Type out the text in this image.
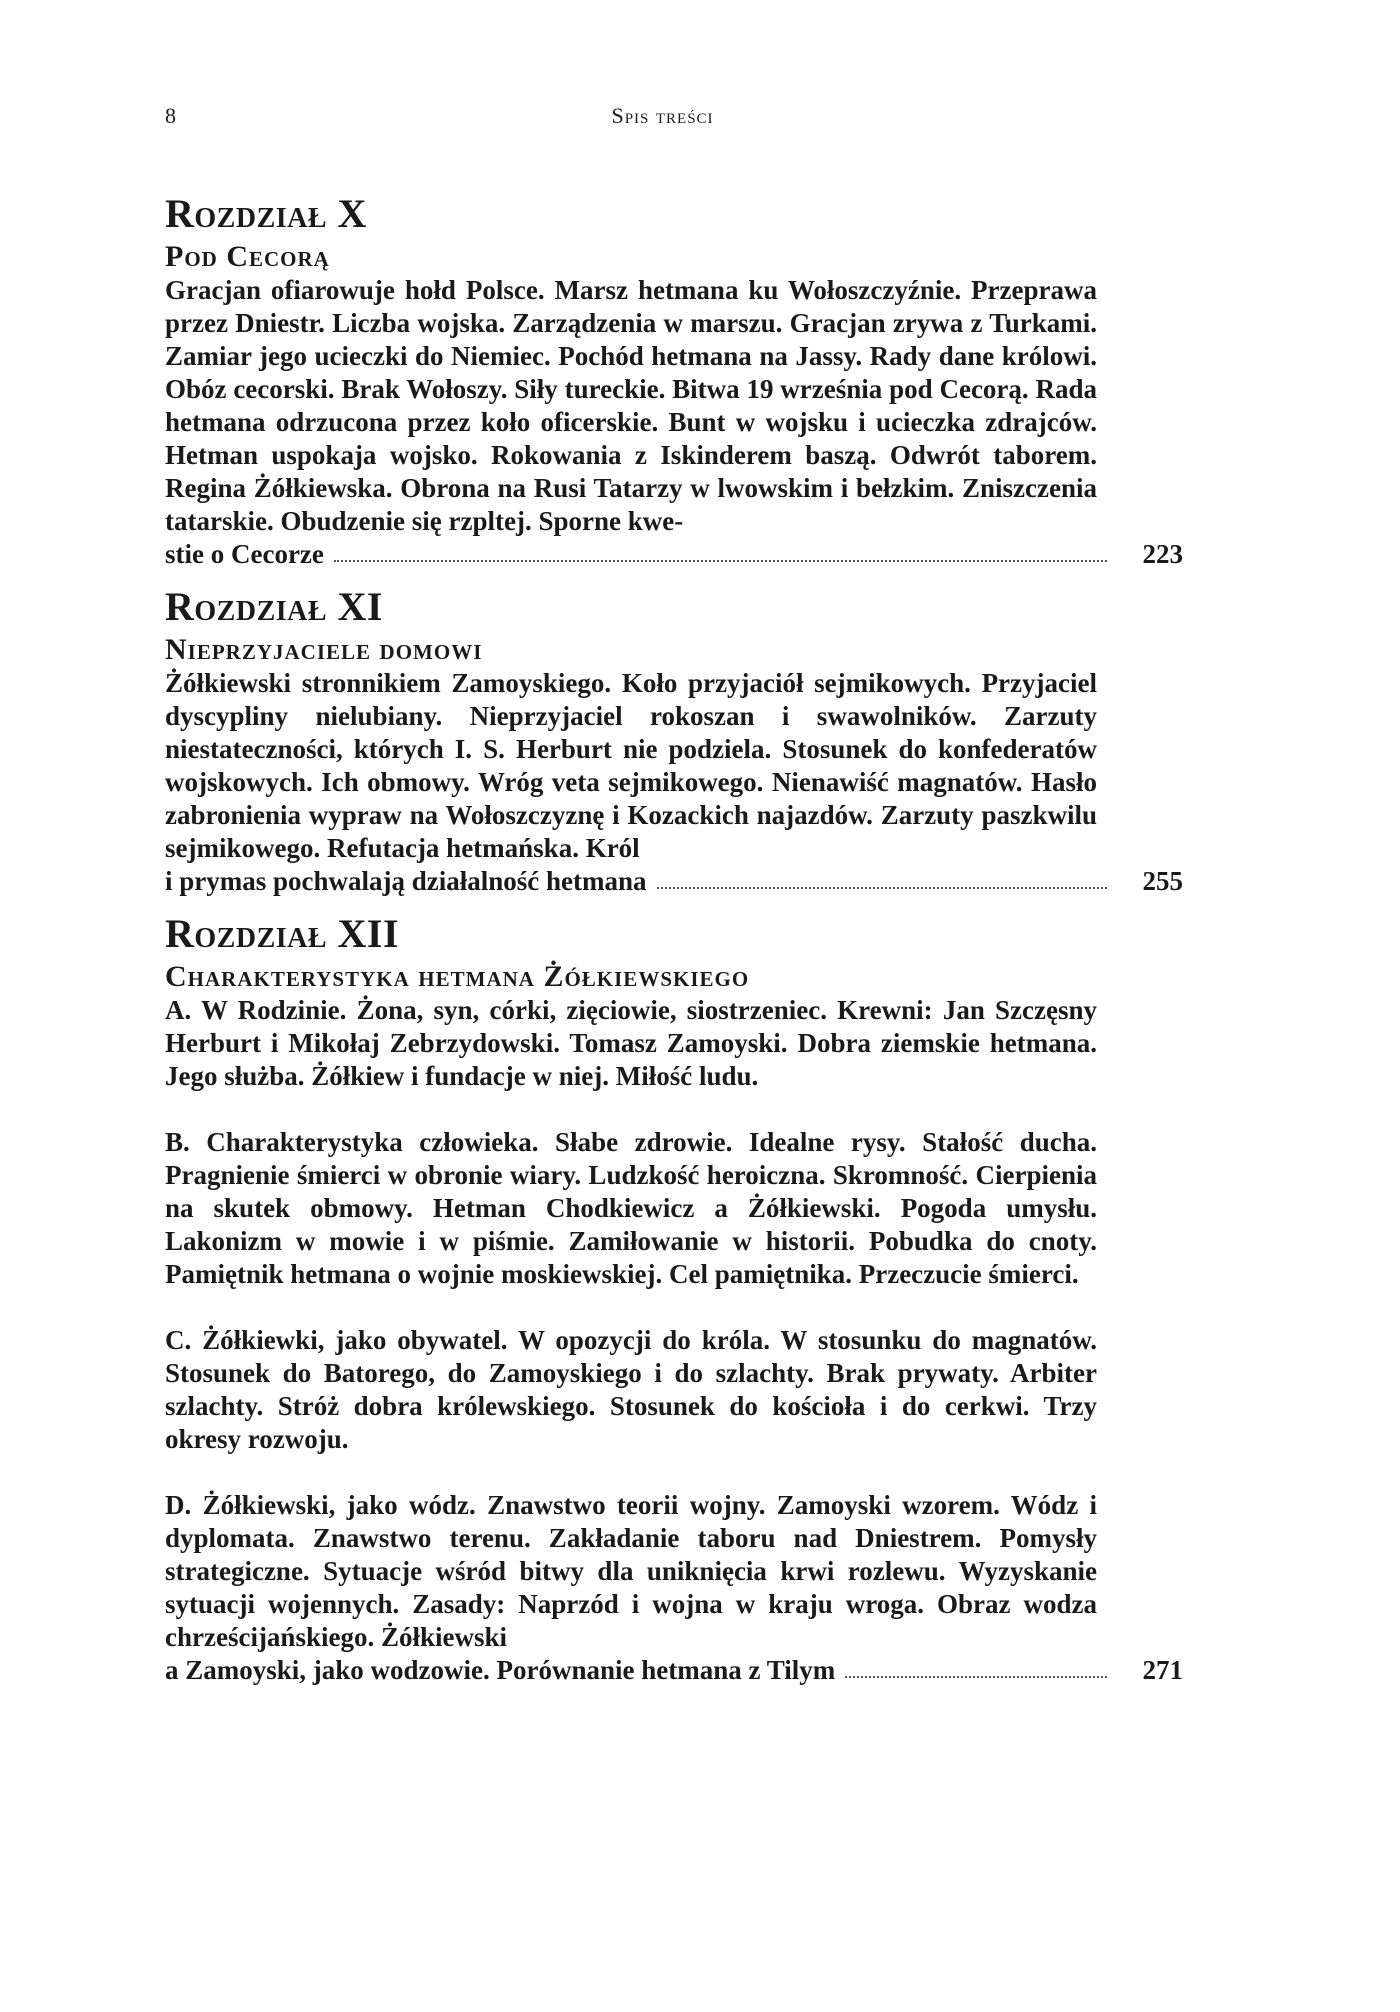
8	Spis treści
Rozdział X
Pod Cecorą

Gracjan ofiarowuje hołd Polsce. Marsz hetmana ku Wołoszczyźnie. Przeprawa przez Dniestr. Liczba wojska. Zarządzenia w marszu. Gracjan zrywa z Turkami. Zamiar jego ucieczki do Niemiec. Pochód hetmana na Jassy. Rady dane królowi. Obóz cecorski. Brak Wołoszy. Siły tureckie. Bitwa 19 września pod Cecorą. Rada hetmana odrzucona przez koło oficerskie. Bunt w wojsku i ucieczka zdrajców. Hetman uspokaja wojsko. Rokowania z Iskinderem baszą. Odwrót taborem. Regina Żółkiewska. Obrona na Rusi Tatarzy w lwowskim i bełzkim. Zniszczenia tatarskie. Obudzenie się rzpltej. Sporne kwe-

stie o Cecorze	223
Rozdział XI
Nieprzyjaciele domowi

Żółkiewski stronnikiem Zamoyskiego. Koło przyjaciół sejmikowych. Przyjaciel dyscypliny nielubiany. Nieprzyjaciel rokoszan i swawolników. Zarzuty niestateczności, których I. S. Herburt nie podziela. Stosunek do konfederatów wojskowych. Ich obmowy. Wróg veta sejmikowego. Nienawiść magnatów. Hasło zabronienia wypraw na Wołoszczyznę i Kozackich najazdów. Zarzuty paszkwilu sejmikowego. Refutacja hetmańska. Król

i prymas pochwalają działalność hetmana	255
Rozdział XII
Charakterystyka hetmana Żółkiewskiego

A. W Rodzinie. Żona, syn, córki, zięciowie, siostrzeniec. Krewni: Jan Szczęsny Herburt i Mikołaj Zebrzydowski. Tomasz Zamoyski. Dobra ziemskie hetmana. Jego służba. Żółkiew i fundacje w niej. Miłość ludu.

B. Charakterystyka człowieka. Słabe zdrowie. Idealne rysy. Stałość ducha. Pragnienie śmierci w obronie wiary. Ludzkość heroiczna. Skromność. Cierpienia na skutek obmowy. Hetman Chodkiewicz a Żółkiewski. Pogoda umysłu. Lakonizm w mowie i w piśmie. Zamiłowanie w historii. Pobudka do cnoty. Pamiętnik hetmana o wojnie moskiewskiej. Cel pamiętnika. Przeczucie śmierci.

C. Żółkiewki, jako obywatel. W opozycji do króla. W stosunku do magnatów. Stosunek do Batorego, do Zamoyskiego i do szlachty. Brak prywaty. Arbiter szlachty. Stróż dobra królewskiego. Stosunek do kościoła i do cerkwi. Trzy okresy rozwoju.

D. Żółkiewski, jako wódz. Znawstwo teorii wojny. Zamoyski wzorem. Wódz i dyplomata. Znawstwo terenu. Zakładanie taboru nad Dniestrem. Pomysły strategiczne. Sytuacje wśród bitwy dla uniknięcia krwi rozlewu. Wyzyskanie sytuacji wojennych. Zasady: Naprzód i wojna w kraju wroga. Obraz wodza chrześcijańskiego. Żółkiewski

a Zamoyski, jako wodzowie. Porównanie hetmana z Tilym	271
